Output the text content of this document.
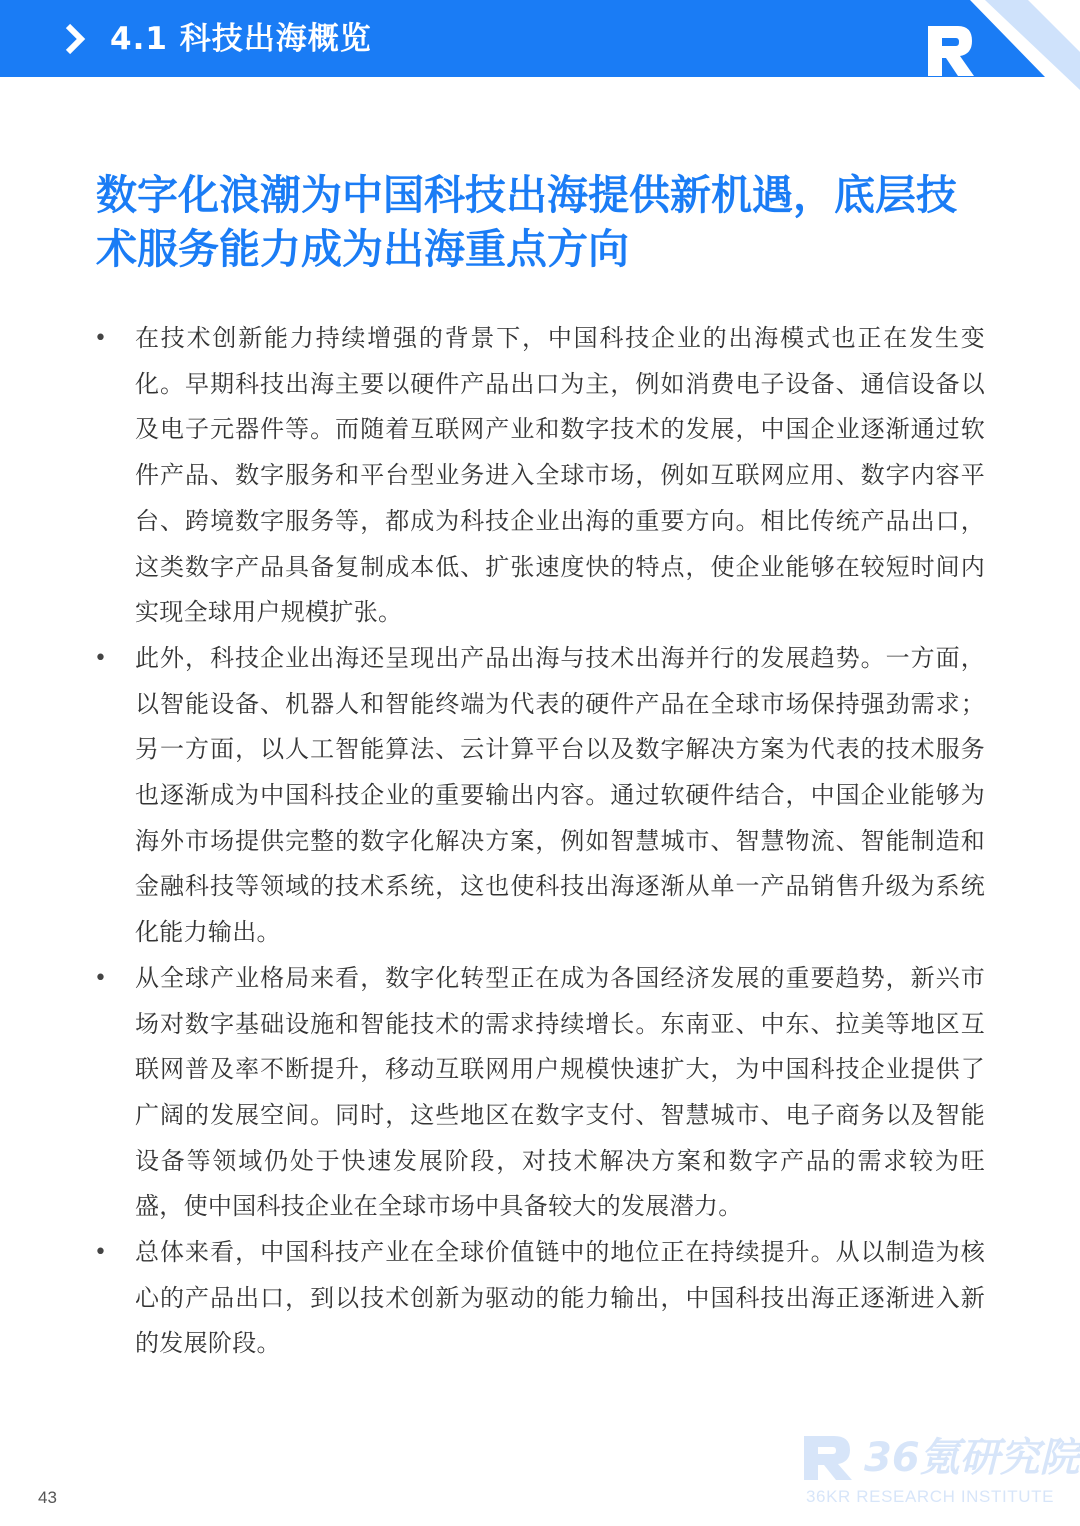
4.1 科技出海概览
数字化浪潮为中国科技出海提供新机遇，底层技术服务能力成为出海重点方向
• 在技术创新能力持续增强的背景下，中国科技企业的出海模式也正在发生变化。早期科技出海主要以硬件产品出口为主，例如消费电子设备、通信设备以及电子元器件等。而随着互联网产业和数字技术的发展，中国企业逐渐通过软件产品、数字服务和平台型业务进入全球市场，例如互联网应用、数字内容平台、跨境数字服务等，都成为科技企业出海的重要方向。相比传统产品出口，这类数字产品具备复制成本低、扩张速度快的特点，使企业能够在较短时间内实现全球用户规模扩张。
• 此外，科技企业出海还呈现出产品出海与技术出海并行的发展趋势。一方面，以智能设备、机器人和智能终端为代表的硬件产品在全球市场保持强劲需求；另一方面，以人工智能算法、云计算平台以及数字解决方案为代表的技术服务也逐渐成为中国科技企业的重要输出内容。通过软硬件结合，中国企业能够为海外市场提供完整的数字化解决方案，例如智慧城市、智慧物流、智能制造和金融科技等领域的技术系统，这也使科技出海逐渐从单一产品销售升级为系统化能力输出。
• 从全球产业格局来看，数字化转型正在成为各国经济发展的重要趋势，新兴市场对数字基础设施和智能技术的需求持续增长。东南亚、中东、拉美等地区互联网普及率不断提升，移动互联网用户规模快速扩大，为中国科技企业提供了广阔的发展空间。同时，这些地区在数字支付、智慧城市、电子商务以及智能设备等领域仍处于快速发展阶段，对技术解决方案和数字产品的需求较为旺盛，使中国科技企业在全球市场中具备较大的发展潜力。
• 总体来看，中国科技产业在全球价值链中的地位正在持续提升。从以制造为核心的产品出口，到以技术创新为驱动的能力输出，中国科技出海正逐渐进入新的发展阶段。
36氪研究院
36KR RESEARCH INSTITUTE
43
